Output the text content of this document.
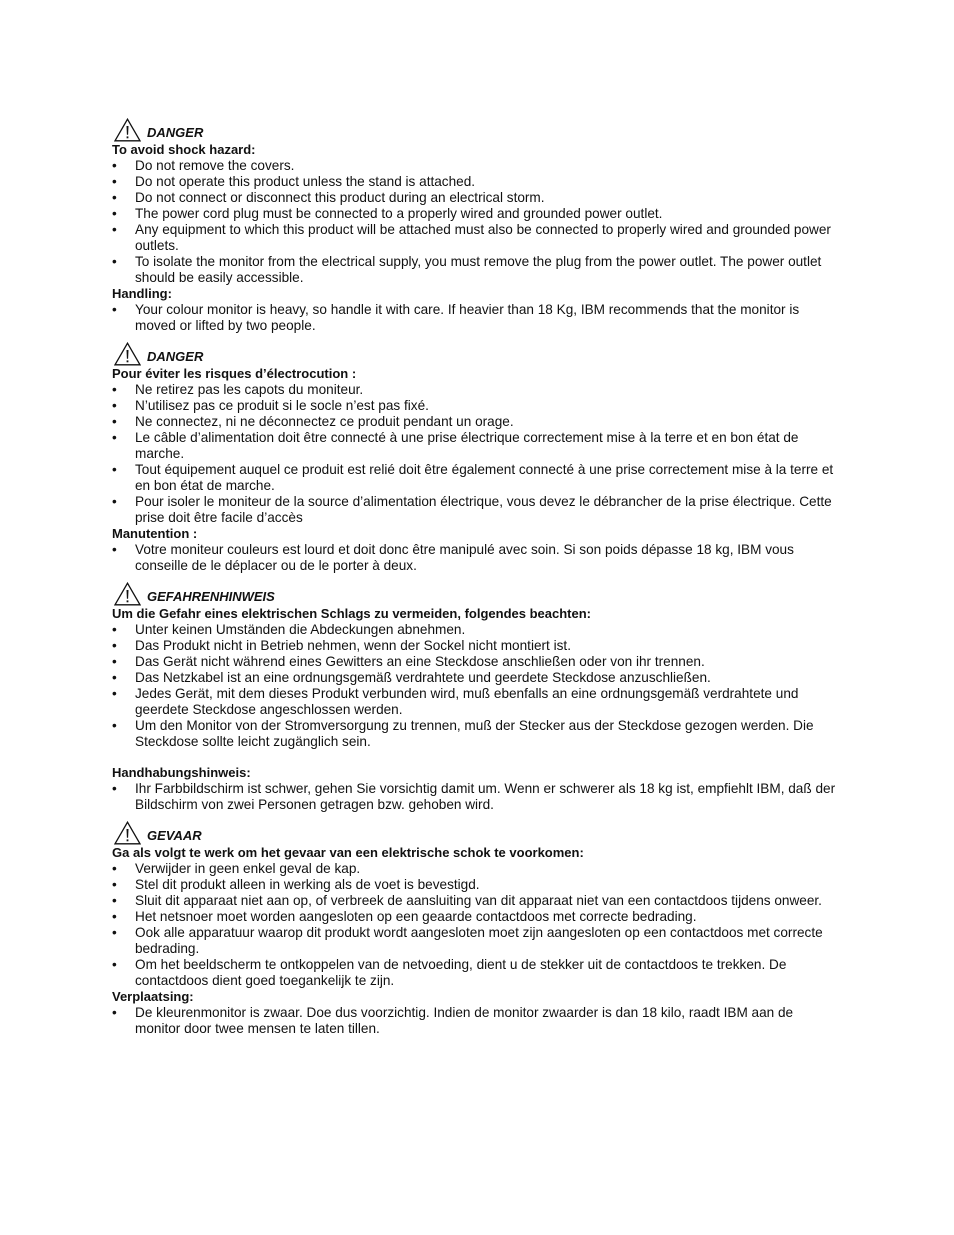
DANGER
To avoid shock hazard:
• Do not remove the covers.
• Do not operate this product unless the stand is attached.
• Do not connect or disconnect this product during an electrical storm.
• The power cord plug must be connected to a properly wired and grounded power outlet.
• Any equipment to which this product will be attached must also be connected to properly wired and grounded power outlets.
• To isolate the monitor from the electrical supply, you must remove the plug from the power outlet. The power outlet should be easily accessible.
Handling:
• Your colour monitor is heavy, so handle it with care. If heavier than 18 Kg, IBM recommends that the monitor is moved or lifted by two people.
DANGER
Pour éviter les risques d’électrocution :
• Ne retirez pas les capots du moniteur.
• N’utilisez pas ce produit si le socle n’est pas fixé.
• Ne connectez, ni ne déconnectez ce produit pendant un orage.
• Le câble d’alimentation doit être connecté à une prise électrique correctement mise à la terre et en bon état de marche.
• Tout équipement auquel ce produit est relié doit être également connecté à une prise correctement mise à la terre et en bon état de marche.
• Pour isoler le moniteur de la source d’alimentation électrique, vous devez le débrancher de la prise électrique. Cette prise doit être facile d’accès
Manutention :
• Votre moniteur couleurs est lourd et doit donc être manipulé avec soin. Si son poids dépasse 18 kg, IBM vous conseille de le déplacer ou de le porter à deux.
GEFAHRENHINWEIS
Um die Gefahr eines elektrischen Schlags zu vermeiden, folgendes beachten:
• Unter keinen Umständen die Abdeckungen abnehmen.
• Das Produkt nicht in Betrieb nehmen, wenn der Sockel nicht montiert ist.
• Das Gerät nicht während eines Gewitters an eine Steckdose anschließen oder von ihr trennen.
• Das Netzkabel ist an eine ordnungsgemäß verdrahtete und geerdete Steckdose anzuschließen.
• Jedes Gerät, mit dem dieses Produkt verbunden wird, muß ebenfalls an eine ordnungsgemäß verdrahtete und geerdete Steckdose angeschlossen werden.
• Um den Monitor von der Stromversorgung zu trennen, muß der Stecker aus der Steckdose gezogen werden. Die Steckdose sollte leicht zugänglich sein.
Handhabungshinweis:
• Ihr Farbbildschirm ist schwer, gehen Sie vorsichtig damit um. Wenn er schwerer als 18 kg ist, empfiehlt IBM, daß der Bildschirm von zwei Personen getragen bzw. gehoben wird.
GEVAAR
Ga als volgt te werk om het gevaar van een elektrische schok te voorkomen:
• Verwijder in geen enkel geval de kap.
• Stel dit produkt alleen in werking als de voet is bevestigd.
• Sluit dit apparaat niet aan op, of verbreek de aansluiting van dit apparaat niet van een contactdoos tijdens onweer.
• Het netsnoer moet worden aangesloten op een geaarde contactdoos met correcte bedrading.
• Ook alle apparatuur waarop dit produkt wordt aangesloten moet zijn aangesloten op een contactdoos met correcte bedrading.
• Om het beeldscherm te ontkoppelen van de netvoeding, dient u de stekker uit de contactdoos te trekken. De contactdoos dient goed toegankelijk te zijn.
Verplaatsing:
• De kleurenmonitor is zwaar. Doe dus voorzichtig. Indien de monitor zwaarder is dan 18 kilo, raadt IBM aan de monitor door twee mensen te laten tillen.
